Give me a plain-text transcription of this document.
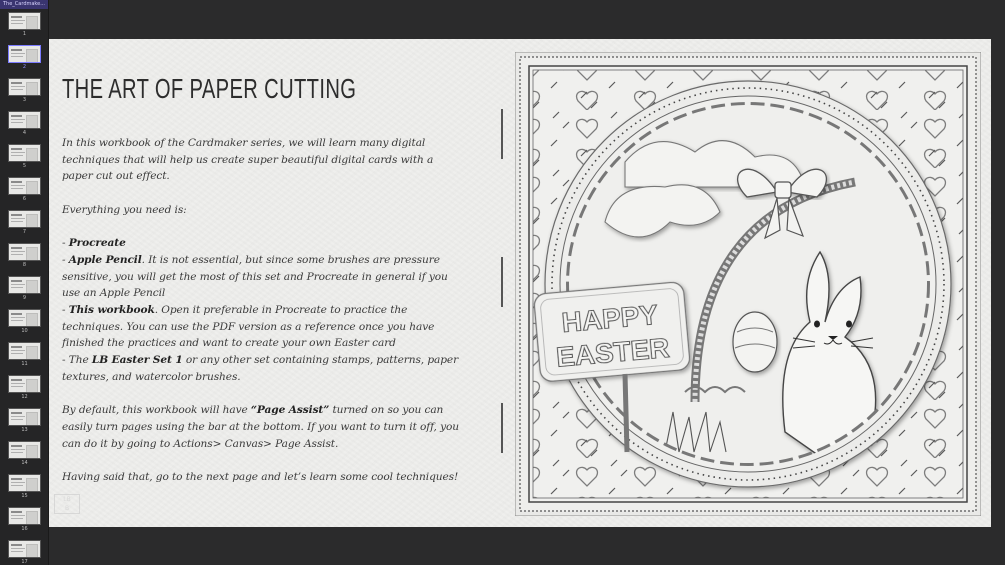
The_Cardmake...
1
2
3
4
5
6
7
8
9
10
11
12
13
14
15
16
17
LB
B
THE ART OF PAPER CUTTING

In this workbook of the Cardmaker series, we will learn many digital techniques that will help us create super beautiful digital cards with a paper cut out effect.

Everything you need is:

- Procreate

- Apple Pencil. It is not essential, but since some brushes are pressure sensitive, you will get the most of this set and Procreate in general if you use an Apple Pencil

- This workbook. Open it preferable in Procreate to practice the techniques. You can use the PDF version as a reference once you have finished the practices and want to create your own Easter card

- The LB Easter Set 1 or any other set containing stamps, patterns, paper textures, and watercolor brushes.

By default, this workbook will have “Page Assist” turned on so you can easily turn pages using the bar at the bottom. If you want to turn it off, you can do it by going to Actions> Canvas> Page Assist.

Having said that, go to the next page and let’s learn some cool techniques!

HAPPY
EASTER
